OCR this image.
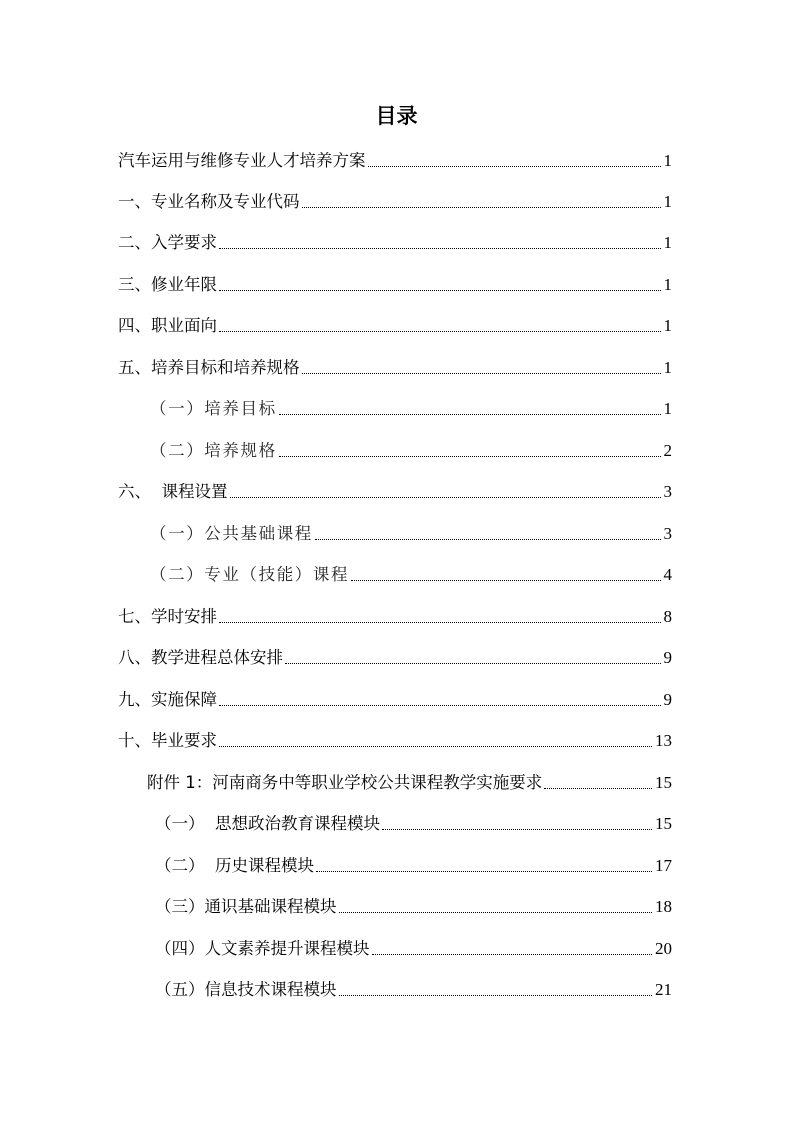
目录
汽车运用与维修专业人才培养方案	1
一、专业名称及专业代码	1
二、入学要求	1
三、修业年限	1
四、职业面向	1
五、培养目标和培养规格	1
（一）培养目标	1
（二）培养规格	2
六、  课程设置	3
（一）公共基础课程	3
（二）专业（技能）课程	4
七、学时安排	8
八、教学进程总体安排	9
九、实施保障	9
十、毕业要求	13
附件 1：河南商务中等职业学校公共课程教学实施要求	15
（一）  思想政治教育课程模块	15
（二）  历史课程模块	17
（三）通识基础课程模块	18
（四）人文素养提升课程模块	20
（五）信息技术课程模块	21
